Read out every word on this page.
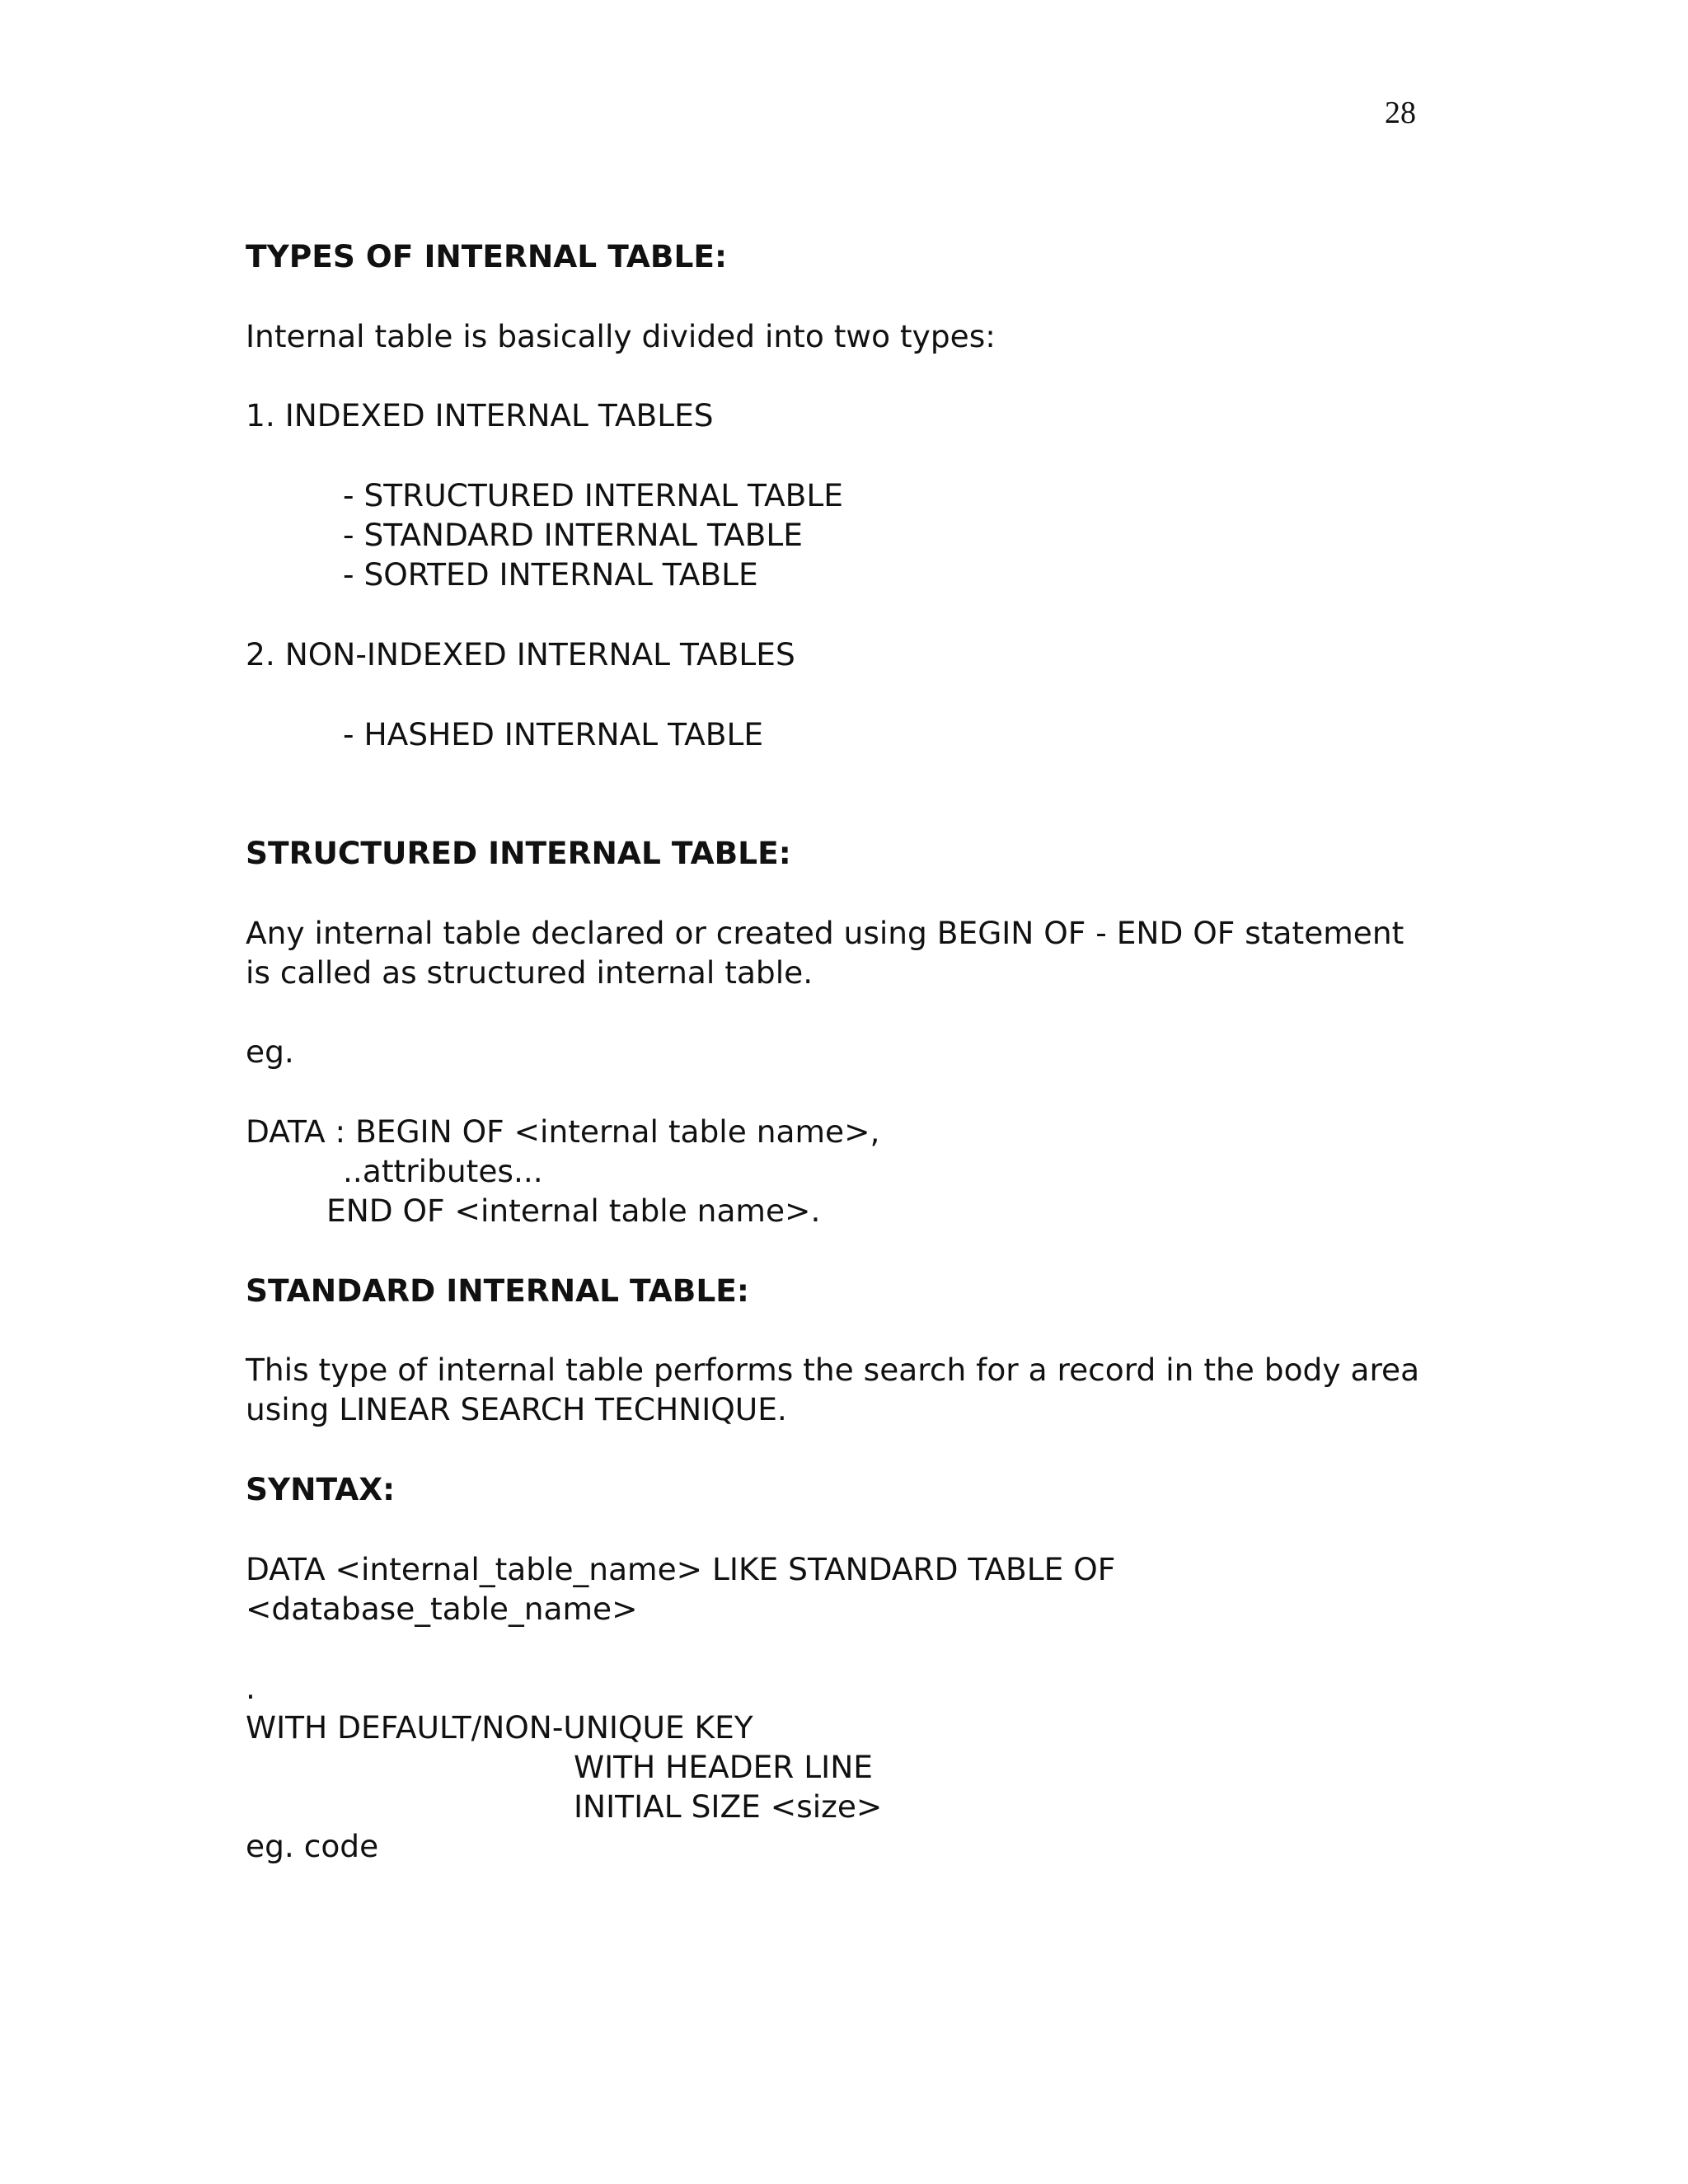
28
TYPES OF INTERNAL TABLE:
Internal table is basically divided into two types:
1. INDEXED INTERNAL TABLES
- STRUCTURED INTERNAL TABLE
- STANDARD INTERNAL TABLE
- SORTED INTERNAL TABLE
2. NON-INDEXED INTERNAL TABLES
- HASHED INTERNAL TABLE
STRUCTURED INTERNAL TABLE:
Any internal table declared or created using BEGIN OF - END OF statement
is called as structured internal table.
eg.
DATA : BEGIN OF <internal table name>,
..attributes...
END OF <internal table name>.
STANDARD INTERNAL TABLE:
This type of internal table performs the search for a record in the body area
using LINEAR SEARCH TECHNIQUE.
SYNTAX:
DATA <internal_table_name> LIKE STANDARD TABLE OF
<database_table_name>
.
WITH DEFAULT/NON-UNIQUE KEY
WITH HEADER LINE
INITIAL SIZE <size>
eg. code
